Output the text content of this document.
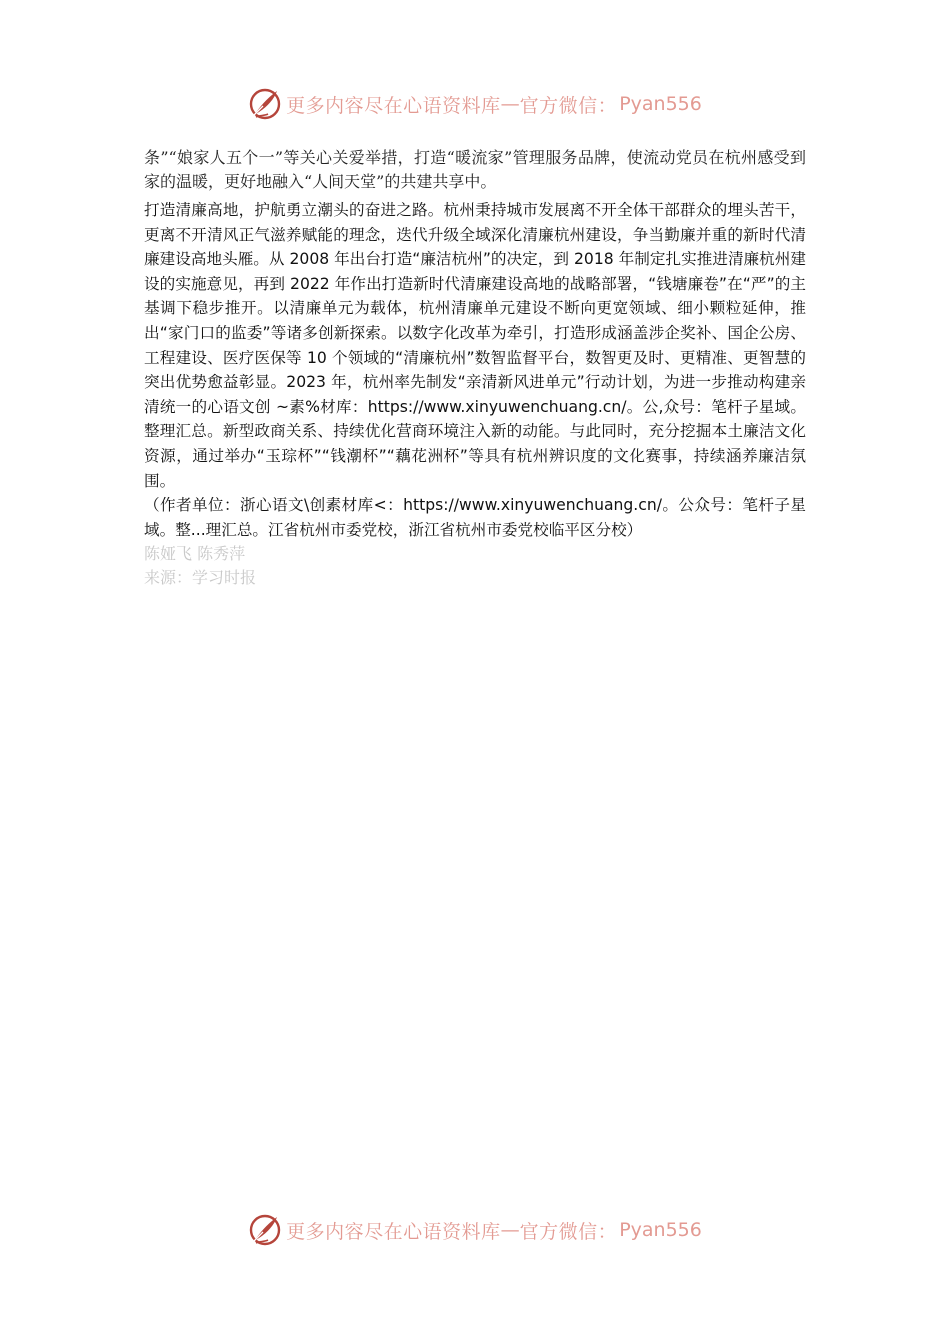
更多内容尽在心语资料库 — 官方微信： Pyan556

条”“娘家人五个一”等关心关爱举措，打造“暖流家”管理服务品牌，使流动党员在杭州感受到家的温暖，更好地融入“人间天堂”的共建共享中。

打造清廉高地，护航勇立潮头的奋进之路。杭州秉持城市发展离不开全体干部群众的埋头苦干，更离不开清风正气滋养赋能的理念，迭代升级全域深化清廉杭州建设，争当勤廉并重的新时代清廉建设高地头雁。从 2008 年出台打造“廉洁杭州”的决定，到 2018 年制定扎实推进清廉杭州建设的实施意见，再到 2022 年作出打造新时代清廉建设高地的战略部署，“钱塘廉卷”在“严”的主基调下稳步推开。以清廉单元为载体，杭州清廉单元建设不断向更宽领域、细小颗粒延伸，推出“家门口的监委”等诸多创新探索。以数字化改革为牵引，打造形成涵盖涉企奖补、国企公房、工程建设、医疗医保等 10 个领域的“清廉杭州”数智监督平台，数智更及时、更精准、更智慧的突出优势愈益彰显。2023 年，杭州率先制发“亲清新风进单元”行动计划，为进一步推动构建亲清统一的心语文创 ~素%材库：https://www.xinyuwenchuang.cn/。公,众号：笔杆子星域。整理汇总。新型政商关系、持续优化营商环境注入新的动能。与此同时，充分挖掘本土廉洁文化资源，通过举办“玉琮杯”“钱潮杯”“藕花洲杯”等具有杭州辨识度的文化赛事，持续涵养廉洁氛围。

（作者单位：浙心语文\创素材库<：https://www.xinyuwenchuang.cn/。公众号：笔杆子星域。整...理汇总。江省杭州市委党校，浙江省杭州市委党校临平区分校）

陈娅飞 陈秀萍

来源：学习时报

更多内容尽在心语资料库 — 官方微信： Pyan556
